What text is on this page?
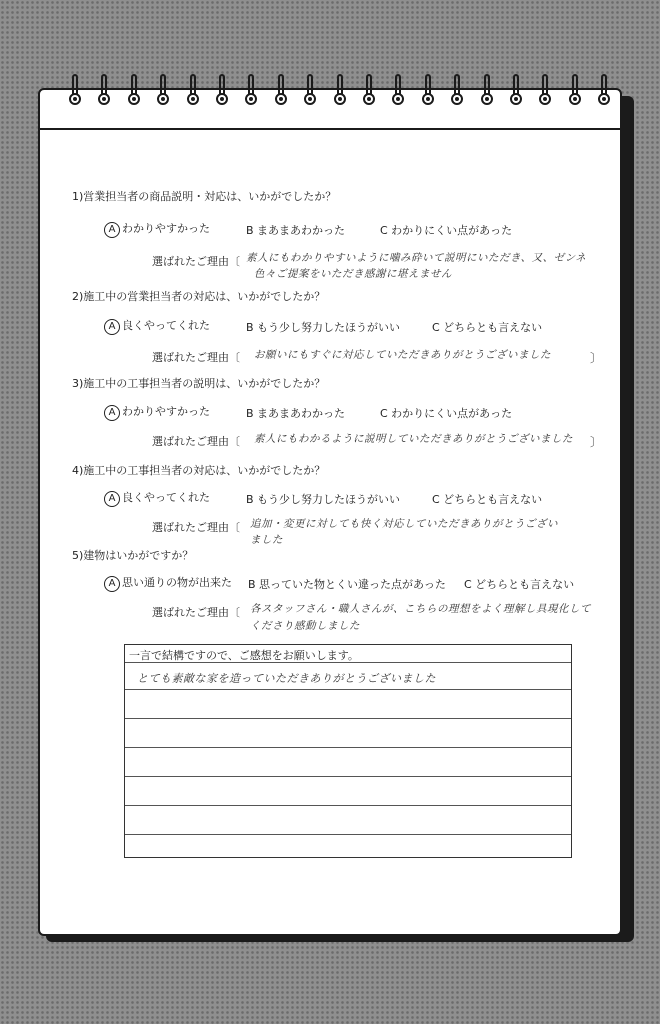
1)営業担当者の商品説明・対応は、いかがでしたか？
A わかりやすかった	B まあまあわかった	C わかりにくい点があった
選ばれたご理由〔 素人にもわかりやすいように噛み砕いて説明にいただき、又、ゼンネ
色々ご提案をいただき感謝に堪えません
2)施工中の営業担当者の対応は、いかがでしたか？
A 良くやってくれた	B もう少し努力したほうがいい	C どちらとも言えない
選ばれたご理由〔 お願いにもすぐに対応していただきありがとうございました	〕
3)施工中の工事担当者の説明は、いかがでしたか？
A わかりやすかった	B まあまあわかった	C わかりにくい点があった
選ばれたご理由〔 素人にもわかるように説明していただきありがとうございました 〕
4)施工中の工事担当者の対応は、いかがでしたか？
A 良くやってくれた	B もう少し努力したほうがいい	C どちらとも言えない
選ばれたご理由〔 追加・変更に対しても快く対応していただきありがとうござい
ました
5)建物はいかがですか？
A 思い通りの物が出来た B 思っていた物とくい違った点があった C どちらとも言えない
選ばれたご理由〔 各スタッフさん・職人さんが、こちらの理想をよく理解し具現化して
くださり感動しました
一言で結構ですので、ご感想をお願いします。
とても素敵な家を造っていただきありがとうございました
